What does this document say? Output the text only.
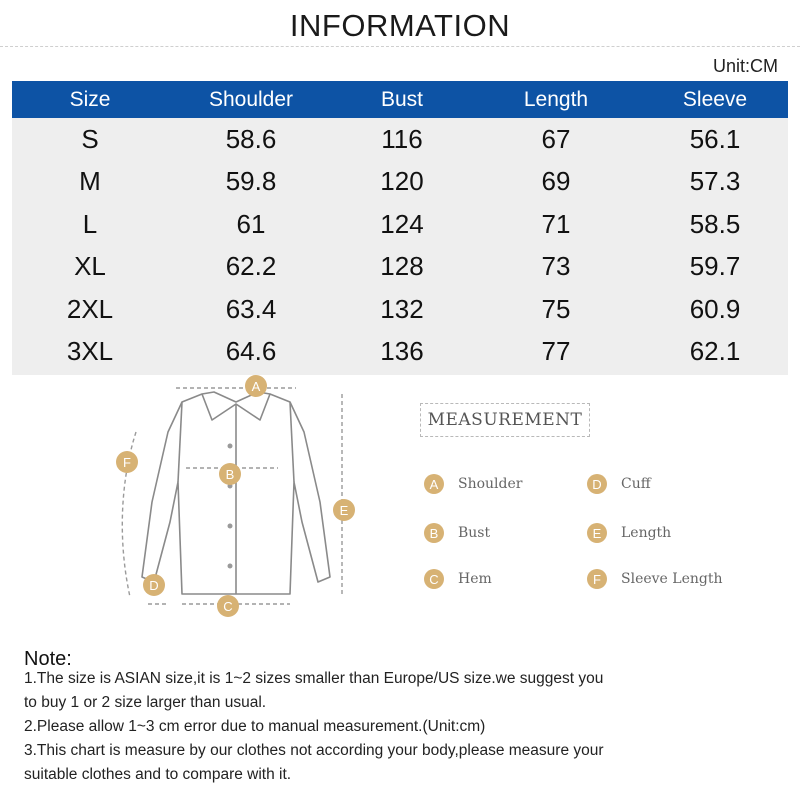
INFORMATION
Unit:CM
Size	Shoulder	Bust	Length	Sleeve
S	58.6	116	67	56.1
M	59.8	120	69	57.3
L	61	124	71	58.5
XL	62.2	128	73	59.7
2XL	63.4	132	75	60.9
3XL	64.6	136	77	62.1
A
B
C
D
E
F
MEASUREMENT
A	Shoulder
B	Bust
C	Hem
D	Cuff
E	Length
F	Sleeve Length
Note:
1.The size is ASIAN size,it is 1~2 sizes smaller than Europe/US size.we suggest you
to buy 1 or 2 size larger than usual.
2.Please allow 1~3 cm error due to manual measurement.(Unit:cm)
3.This chart is measure by our clothes not according your body,please measure your
suitable clothes and to compare with it.
